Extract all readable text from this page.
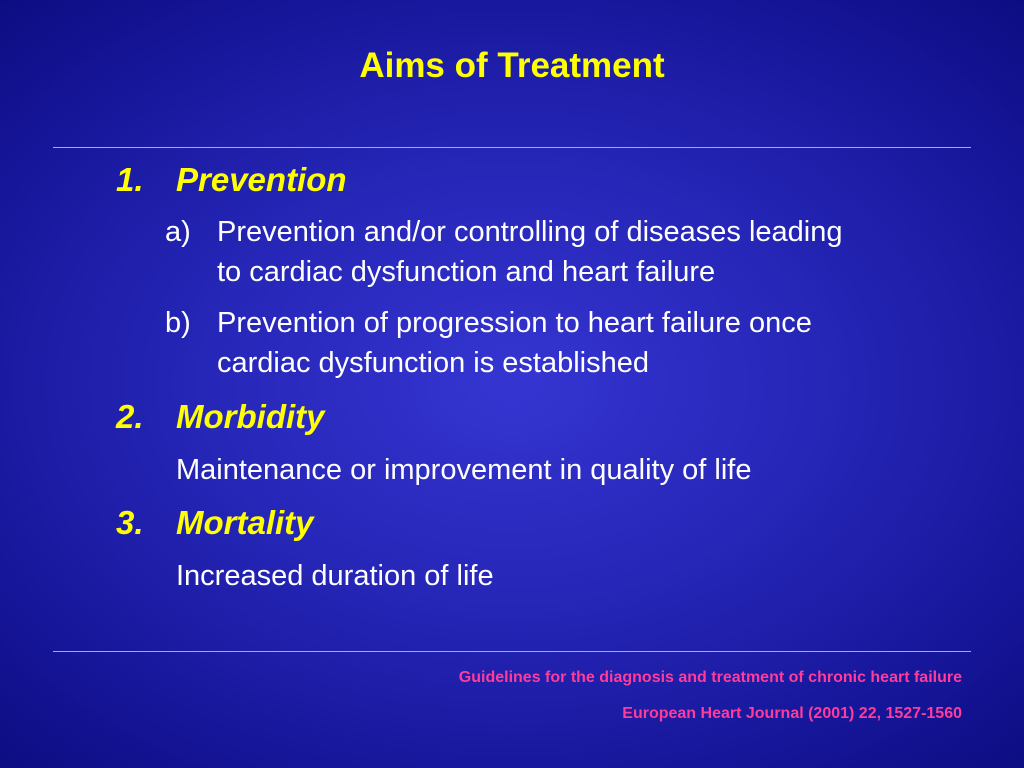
Aims of Treatment
1. Prevention
a) Prevention and/or controlling of diseases leading
to cardiac dysfunction and heart failure
b) Prevention of progression to heart failure once
cardiac dysfunction is established
2. Morbidity
Maintenance or improvement in quality of life
3. Mortality
Increased duration of life
Guidelines for the diagnosis and treatment of chronic heart failure
European Heart Journal (2001) 22, 1527-1560
